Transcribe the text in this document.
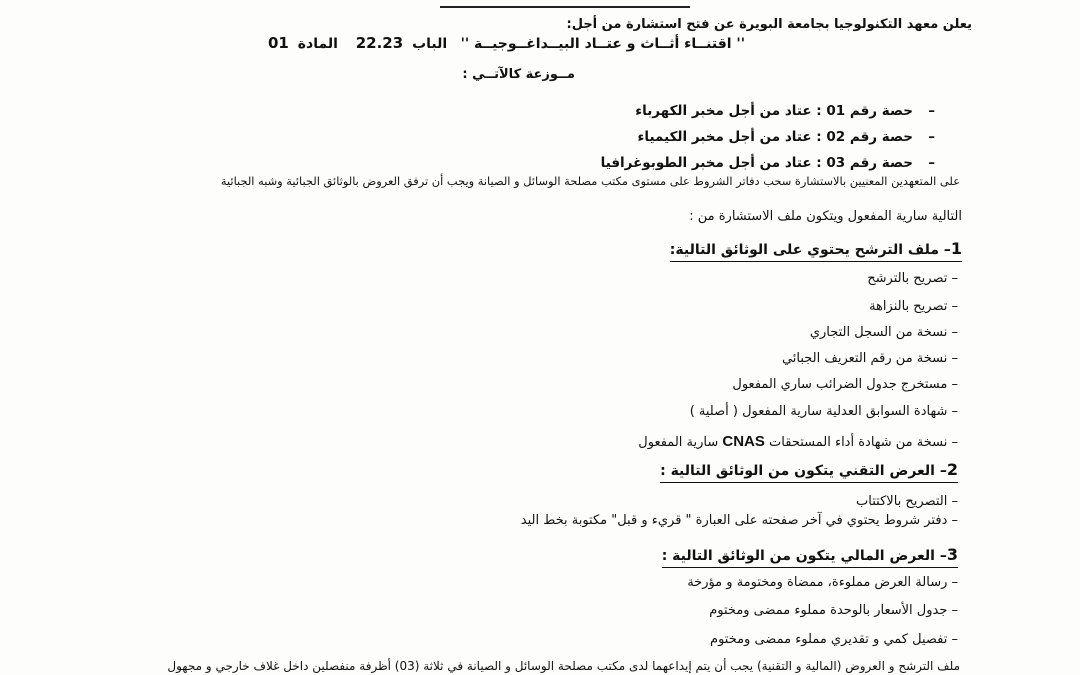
يعلن معهد التكنولوجيا بجامعة البويرة عن فتح استشارة من أجل:
'' اقتنــاء أثــاث و عتــاد البيــداغــوجيــة ''   الباب  22.23    المادة  01
مــوزعة كالآتــي :
–حصة رقم 01 : عتاد من أجل مخبر الكهرباء
–حصة رقم 02 : عتاد من أجل مخبر الكيمياء
–حصة رقم 03 : عتاد من أجل مخبر الطوبوغرافيا
على المتعهدين المعنيين بالاستشارة سحب دفاتر الشروط على مستوى مكتب مصلحة الوسائل و الصيانة ويجب أن ترفق العروض بالوثائق الجبائية وشبه الجبائية
التالية سارية المفعول ويتكون ملف الاستشارة من :
1– ملف الترشح يحتوي على الوثائق التالية:
– تصريح بالترشح
– تصريح بالنزاهة
– نسخة من السجل التجاري
– نسخة من رقم التعريف الجبائي
– مستخرج جدول الضرائب ساري المفعول
– شهادة السوابق العدلية سارية المفعول ( أصلية )
– نسخة من شهادة أداء المستحقات CNAS سارية المفعول
2– العرض التقني يتكون من الوثائق التالية :
– التصريح بالاكتتاب
– دفتر شروط يحتوي في آخر صفحته على العبارة " قريء و قبل" مكتوبة بخط اليد
3– العرض المالي يتكون من الوثائق التالية :
– رسالة العرض مملوءة، ممضاة ومختومة و مؤرخة
– جدول الأسعار بالوحدة مملوء ممضى ومختوم
– تفصيل كمي و تقديري مملوء ممضى ومختوم
ملف الترشح و العروض (المالية و التقنية) يجب أن يتم إيداعهما لدى مكتب مصلحة الوسائل و الصيانة في ثلاثة (03) أظرفة منفصلين داخل غلاف خارجي و مجهول
